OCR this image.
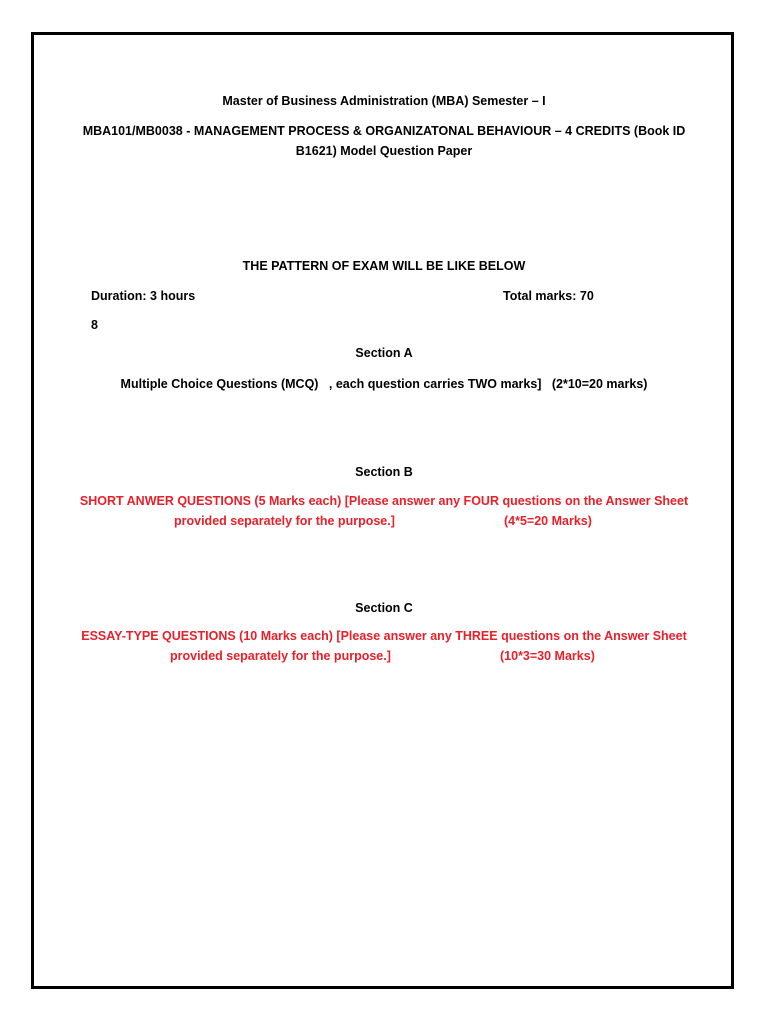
Master of Business Administration (MBA) Semester – I
MBA101/MB0038 - MANAGEMENT PROCESS & ORGANIZATONAL BEHAVIOUR – 4 CREDITS (Book ID
B1621) Model Question Paper
THE PATTERN OF EXAM WILL BE LIKE BELOW
Duration: 3 hours	Total marks: 70
8
Section A
Multiple Choice Questions (MCQ)   , each question carries TWO marks]   (2*10=20 marks)
Section B
SHORT ANWER QUESTIONS (5 Marks each) [Please answer any FOUR questions on the Answer Sheet
provided separately for the purpose.]	(4*5=20 Marks)
Section C
ESSAY-TYPE QUESTIONS (10 Marks each) [Please answer any THREE questions on the Answer Sheet
provided separately for the purpose.]	(10*3=30 Marks)
